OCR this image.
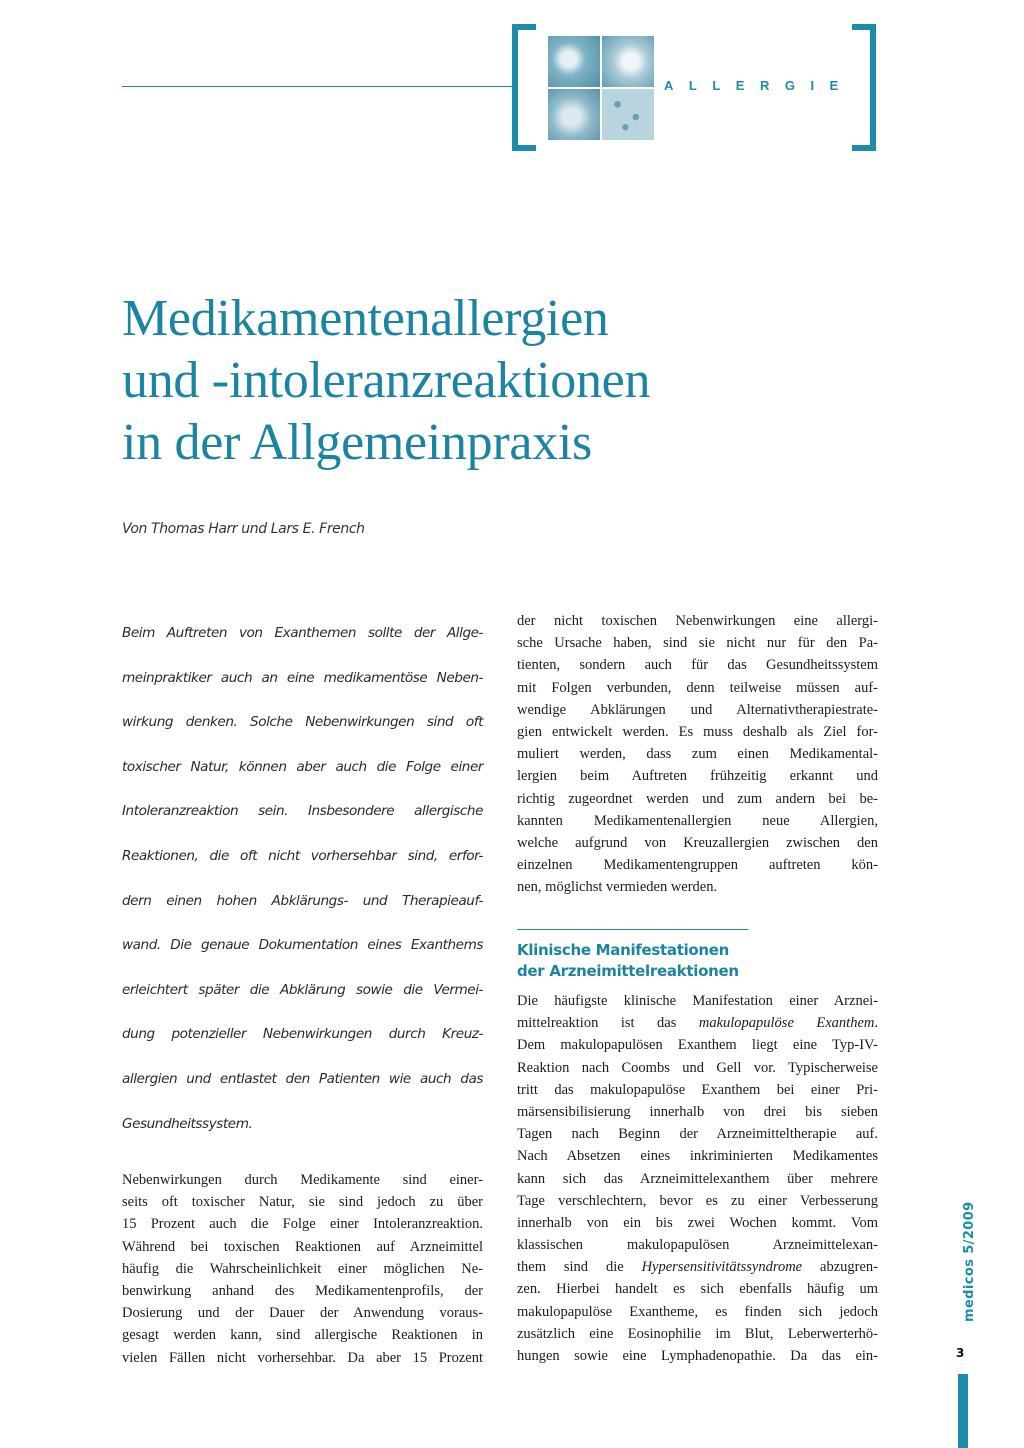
ALLERGIE
Medikamentenallergien
und -intoleranzreaktionen
in der Allgemeinpraxis
Von Thomas Harr und Lars E. French
Beim Auftreten von Exanthemen sollte der Allge-
meinpraktiker auch an eine medikamentöse Neben-
wirkung denken. Solche Nebenwirkungen sind oft
toxischer Natur, können aber auch die Folge einer
Intoleranzreaktion sein. Insbesondere allergische
Reaktionen, die oft nicht vorhersehbar sind, erfor-
dern einen hohen Abklärungs- und Therapieauf-
wand. Die genaue Dokumentation eines Exanthems
erleichtert später die Abklärung sowie die Vermei-
dung potenzieller Nebenwirkungen durch Kreuz-
allergien und entlastet den Patienten wie auch das
Gesundheitssystem.
Nebenwirkungen durch Medikamente sind einer-
seits oft toxischer Natur, sie sind jedoch zu über
15 Prozent auch die Folge einer Intoleranzreaktion.
Während bei toxischen Reaktionen auf Arzneimittel
häufig die Wahrscheinlichkeit einer möglichen Ne-
benwirkung anhand des Medikamentenprofils, der
Dosierung und der Dauer der Anwendung voraus-
gesagt werden kann, sind allergische Reaktionen in
vielen Fällen nicht vorhersehbar. Da aber 15 Prozent
der nicht toxischen Nebenwirkungen eine allergi-
sche Ursache haben, sind sie nicht nur für den Pa-
tienten, sondern auch für das Gesundheitssystem
mit Folgen verbunden, denn teilweise müssen auf-
wendige Abklärungen und Alternativtherapiestrate-
gien entwickelt werden. Es muss deshalb als Ziel for-
muliert werden, dass zum einen Medikamental-
lergien beim Auftreten frühzeitig erkannt und
richtig zugeordnet werden und zum andern bei be-
kannten Medikamentenallergien neue Allergien,
welche aufgrund von Kreuzallergien zwischen den
einzelnen Medikamentengruppen auftreten kön-
nen, möglichst vermieden werden.
Klinische Manifestationen
der Arzneimittelreaktionen
Die häufigste klinische Manifestation einer Arznei-
mittelreaktion ist das makulopapulöse Exanthem.
Dem makulopapulösen Exanthem liegt eine Typ-IV-
Reaktion nach Coombs und Gell vor. Typischerweise
tritt das makulopapulöse Exanthem bei einer Pri-
märsensibilisierung innerhalb von drei bis sieben
Tagen nach Beginn der Arzneimitteltherapie auf.
Nach Absetzen eines inkriminierten Medikamentes
kann sich das Arzneimittelexanthem über mehrere
Tage verschlechtern, bevor es zu einer Verbesserung
innerhalb von ein bis zwei Wochen kommt. Vom
klassischen makulopapulösen Arzneimittelexan-
them sind die Hypersensitivitätssyndrome abzugren-
zen. Hierbei handelt es sich ebenfalls häufig um
makulopapulöse Exantheme, es finden sich jedoch
zusätzlich eine Eosinophilie im Blut, Leberwerterhö-
hungen sowie eine Lymphadenopathie. Da das ein-
medicos 5/2009
3
